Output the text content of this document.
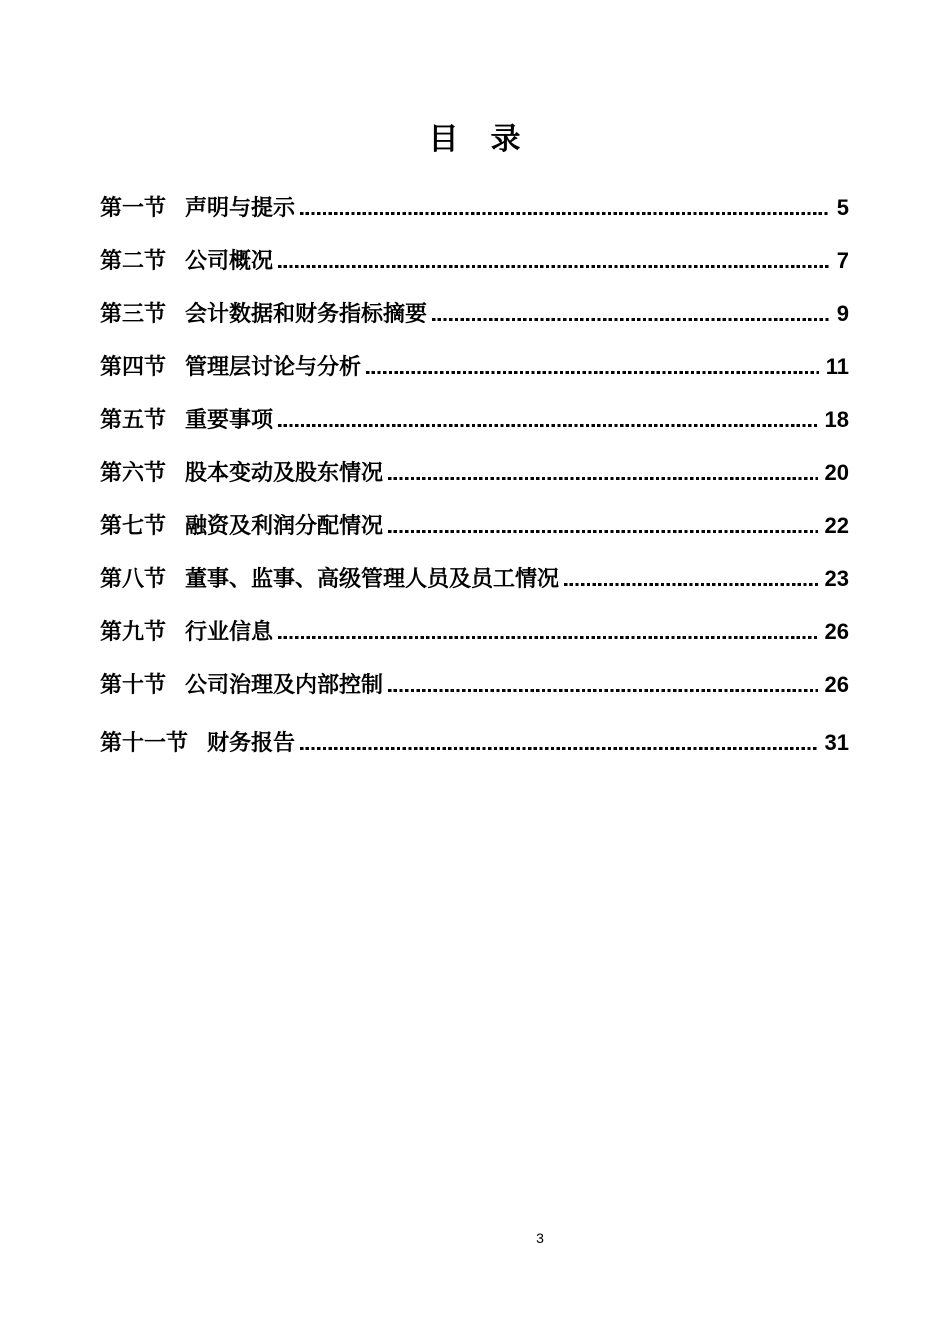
目　录
第一节 声明与提示	5
第二节 公司概况	7
第三节 会计数据和财务指标摘要	9
第四节 管理层讨论与分析	11
第五节 重要事项	18
第六节 股本变动及股东情况	20
第七节 融资及利润分配情况	22
第八节 董事、监事、高级管理人员及员工情况	23
第九节 行业信息	26
第十节 公司治理及内部控制	26
第十一节 财务报告	31
3
